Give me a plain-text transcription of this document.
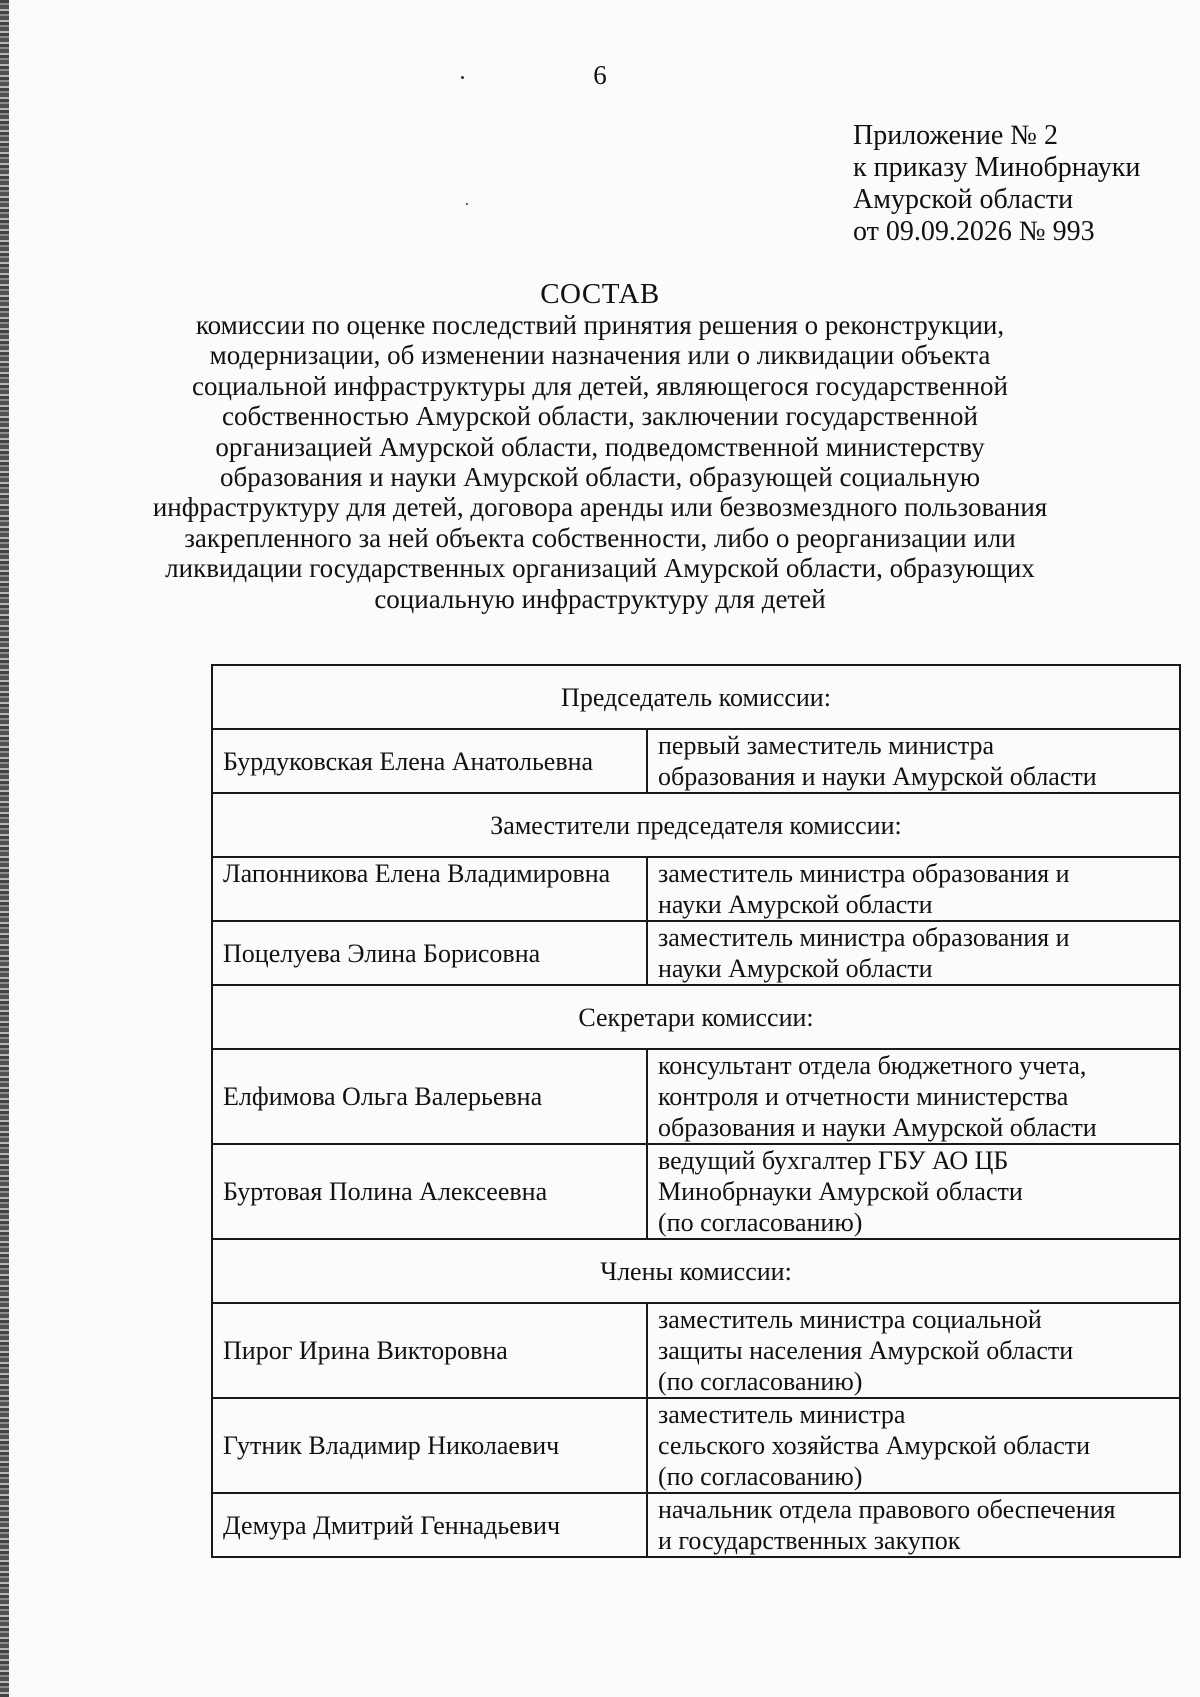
6
Приложение № 2
к приказу Минобрнауки
Амурской области
от 09.09.2026 № 993
СОСТАВ
комиссии по оценке последствий принятия решения о реконструкции,
модернизации, об изменении назначения или о ликвидации объекта
социальной инфраструктуры для детей, являющегося государственной
собственностью Амурской области, заключении государственной
организацией Амурской области, подведомственной министерству
образования и науки Амурской области, образующей социальную
инфраструктуру для детей, договора аренды или безвозмездного пользования
закрепленного за ней объекта собственности, либо о реорганизации или
ликвидации государственных организаций Амурской области, образующих
социальную инфраструктуру для детей
Председатель комиссии:	
Бурдуковская Елена Анатольевна	первый заместитель министра
образования и науки Амурской области

Заместители председателя комиссии:	
Лапонникова Елена Владимировна	заместитель министра образования и
науки Амурской области

Поцелуева Элина Борисовна	заместитель министра образования и
науки Амурской области

Секретари комиссии:	
Елфимова Ольга Валерьевна	консультант отдела бюджетного учета,
контроля и отчетности министерства
образования и науки Амурской области

Буртовая Полина Алексеевна	ведущий бухгалтер ГБУ АО ЦБ
Минобрнауки Амурской области
(по согласованию)

Члены комиссии:	
Пирог Ирина Викторовна	заместитель министра социальной
защиты населения Амурской области
(по согласованию)

Гутник Владимир Николаевич	заместитель министра
сельского хозяйства Амурской области
(по согласованию)

Демура Дмитрий Геннадьевич	начальник отдела правового обеспечения
и государственных закупок
